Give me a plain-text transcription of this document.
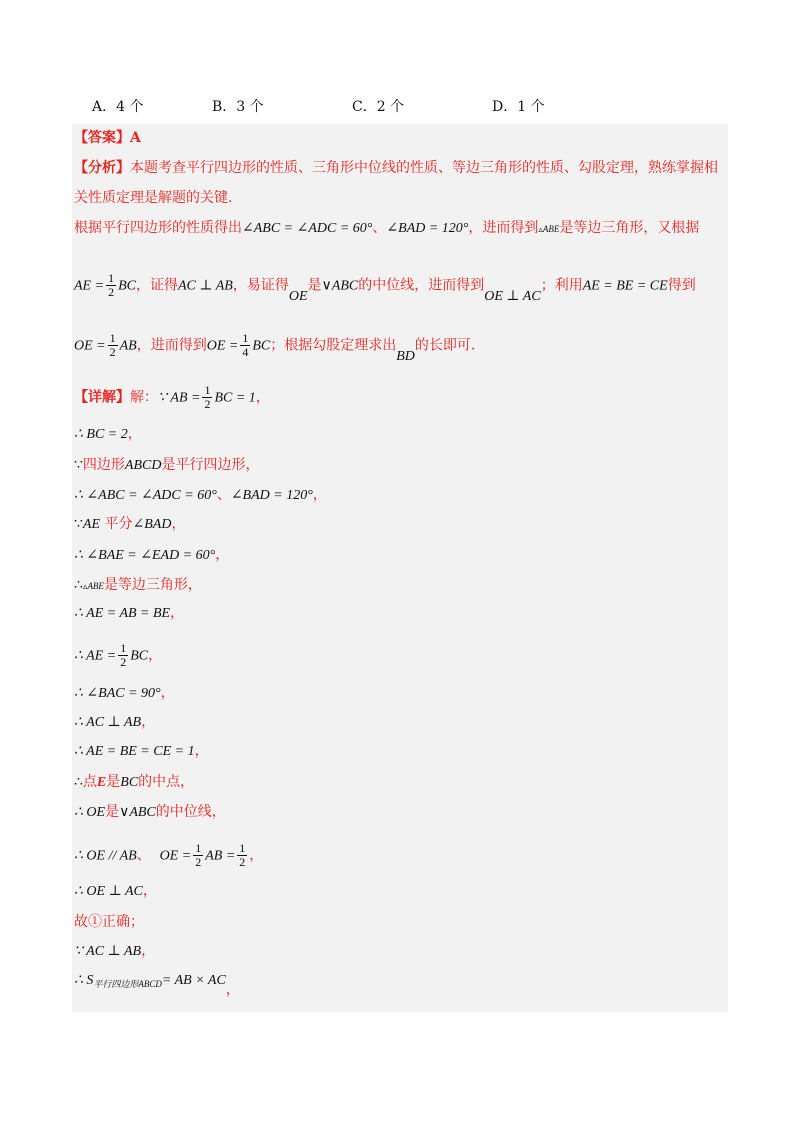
A．4 个	B．3 个	C．2 个	D．1 个
【答案】A
【分析】本题考查平行四边形的性质、三角形中位线的性质、等边三角形的性质、勾股定理，熟练掌握相
关性质定理是解题的关键.
根据平行四边形的性质得出∠ABC = ∠ADC = 60°、∠BAD = 120°，进而得到▵ABE是等边三角形，又根据
AE = $\frac{1}{2}$ BC，证得AC ⊥ AB，易证得OE是∨ABC的中位线，进而得到OE ⊥ AC；利用AE = BE = CE得到
OE = $\frac{1}{2}$ AB，进而得到OE = $\frac{1}{4}$ BC；根据勾股定理求出BD的长即可.
【详解】解：∵ AB = $\frac{1}{2}$ BC = 1，
∴ BC = 2，
∵四边形ABCD是平行四边形，
∴ ∠ABC = ∠ADC = 60°、∠BAD = 120°，
∵AE 平分∠BAD，
∴ ∠BAE = ∠EAD = 60°，
∴▵ABE是等边三角形，
∴ AE = AB = BE，
∴ AE = $\frac{1}{2}$ BC，
∴ ∠BAC = 90°，
∴ AC ⊥ AB，
∴ AE = BE = CE = 1，
∴点E是BC的中点，
∴ OE是∨ABC的中位线，
∴ OE // AB、 OE = $\frac{1}{2}$ AB = $\frac{1}{2}$ ，
∴ OE ⊥ AC，
故①正确；
∵ AC ⊥ AB，
∴ $S_{平行四边形ABCD}=$ AB × AC，
